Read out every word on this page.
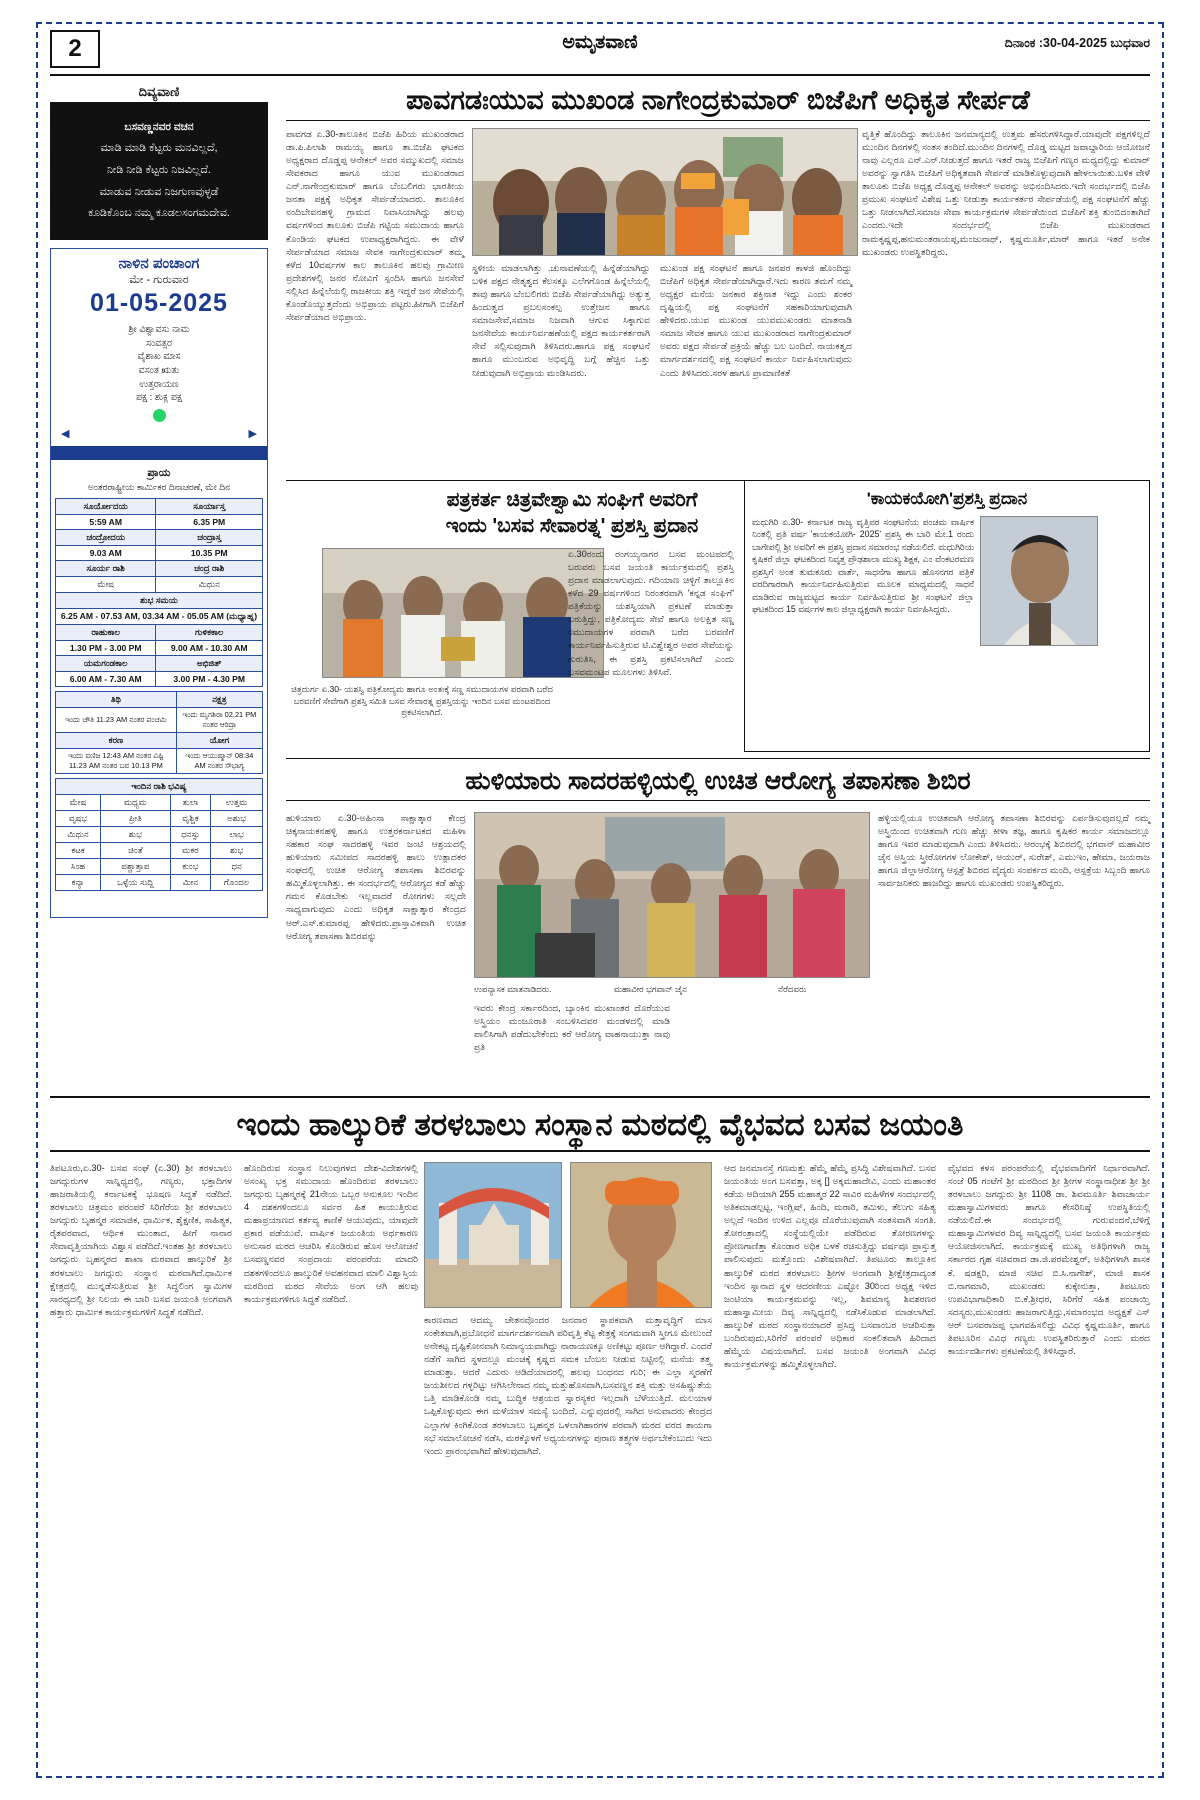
2	ಅಮೃತವಾಣಿ	ದಿನಾಂಕ :30-04-2025 ಬುಧವಾರ
ದಿವ್ಯವಾಣಿ
ಬಸವಣ್ಣನವರ ವಚನ
ಮಾಡಿ ಮಾಡಿ ಕೆಟ್ಟರು ಮನವಿಲ್ಲದೆ,
ನೀಡಿ ನೀಡಿ ಕೆಟ್ಟರು ನಿಜವಿಲ್ಲದೆ.
ಮಾಡುವ ನೀಡುವ ನಿಜಗುಣವುಳ್ಳಡೆ
ಕೂಡಿಕೊಂಬ ನಮ್ಮ ಕೂಡಲಸಂಗಮದೇವ.
ನಾಳಿನ ಪಂಚಾಂಗ
ಮೇ - ಗುರುವಾರ
01-05-2025
ಶ್ರೀ ವಿಶ್ವಾವಸು ನಾಮ
ಸಂವತ್ಸರ
ವೈಶಾಖ ಮಾಸ
ವಸಂತ ಋತು
ಉತ್ತರಾಯಣ
ಪಕ್ಷ : ಶುಕ್ಲ ಪಕ್ಷ
◀	▶
ಪ್ರಾಯ
ಅಂತರರಾಷ್ಟ್ರೀಯ ಕಾರ್ಮಿಕರ ದಿನಾಚರಣೆ, ಮೇ ದಿನ
ಸೂರ್ಯೋದಯ	ಸೂರ್ಯಾಸ್ತ
5:59 AM	6.35 PM
ಚಂದ್ರೋದಯ	ಚಂದ್ರಾಸ್ತ
9.03 AM	10.35 PM
ಸೂರ್ಯ ರಾಶಿ	ಚಂದ್ರ ರಾಶಿ
ಮೇಷ	ಮಿಥುನ
ಶುಭ ಸಮಯ	
6.25 AM - 07.53 AM, 03.34 AM - 05.05 AM (ಮಧ್ಯಾಹ್ನ)	
ರಾಹುಕಾಲ	ಗುಳಿಕಕಾಲ
1.30 PM - 3.00 PM	9.00 AM - 10.30 AM
ಯಮಗಂಡಕಾಲ	ಅಭಿಜಿತ್
6.00 AM - 7.30 AM	3.00 PM - 4.30 PM
ತಿಥಿ	ನಕ್ಷತ್ರ
ಇಂದು ಚೌತಿ 11.23 AM ನಂತರ ಪಂಚಮಿ	ಇಂದು ಮೃಗಶಿರಾ 02.21 PM ನಂತರ ಆರಿದ್ರಾ
ಕರಣ	ಯೋಗ
ಇಂದು ವಣಿಜ 12:43 AM ನಂತರ ವಿಷ್ಟಿ 11.23 AM ನಂತರ ಬವ 10.13 PM	ಇಂದು ಆಯುಷ್ಮಾನ್ 08:34 AM ನಂತರ ಸೌಭಾಗ್ಯ
ಇಂದಿನ ರಾಶಿ ಭವಿಷ್ಯ			
ಮೇಷ	ಮಧ್ಯಮ	ತುಲಾ	ಉತ್ತಮ
ವೃಷಭ	ಪ್ರೀತಿ	ವೃಶ್ಚಿಕ	ಅಶುಭ
ಮಿಥುನ	ಶುಭ	ಧನಸ್ಸು	ಲಾಭ
ಕಟಕ	ಚಿಂತೆ	ಮಕರ	ಶುಭ
ಸಿಂಹ	ಪಶ್ಚಾತ್ತಾಪ	ಕುಂಭ	ಧನ
ಕನ್ಯಾ	ಒಳ್ಳೆಯ ಸುದ್ದಿ	ಮೀನ	ಗೊಂದಲ
ಪಾವಗಡಃಯುವ ಮುಖಂಡ ನಾಗೇಂದ್ರಕುಮಾರ್ ಬಿಜೆಪಿಗೆ ಅಧಿಕೃತ ಸೇರ್ಪಡೆ
ಪಾವಗಡ ಏ.30-ತಾಲೂಕಿನ ಬಿಜೆಪಿ ಹಿರಿಯ ಮುಖಂಡರಾದ ಡಾ.ಪಿ.ಪಿಲಾಶಿ ರಾಮಯ್ಯ ಹಾಗೂ ತಾ.ಬಿಜೆಪಿ ಘಟಕದ ಅಧ್ಯಕ್ಷರಾದ ದೊಡ್ಡಪ್ಪ ಆನೇಕಲ್ ಅವರ ಸಮ್ಮುಖದಲ್ಲಿ ಸಮಾಜ ಸೇವಕರಾದ ಹಾಗೂ ಯುವ ಮುಖಂಡರಾದ ಎನ್.ನಾಗೇಂದ್ರಕುಮಾರ್ ಹಾಗೂ ಬೆಂಬಲಿಗರು ಭಾರತೀಯ ಜನತಾ ಪಕ್ಷಕ್ಕೆ ಅಧಿಕೃತ ಸೇರ್ಪಡೆಯಾದರು. ತಾಲೂಕಿನ ನಂದಿಬೇವನಹಳ್ಳಿ ಗ್ರಾಮದ ನಿವಾಸಿಯಾಗಿದ್ದು ಹಲವು ವರ್ಷಗಳಿಂದ ತಾಲೂಕು ಬಿಜೆಪಿ ಗಟ್ಟಿಯ ಸಮುದಾಯ ಹಾಗೂ ಕೊಂಡಿಯ ಘಟಕದ ಉಪಾಧ್ಯಕ್ಷರಾಗಿದ್ದರು. ಈ ವೇಳೆ ಸೇರ್ಪಡೆಯಾದ ಸಮಾಜ ಸೇವಕ ನಾಗೇಂದ್ರಕುಮಾರ್ ತಮ್ಮ ಕಳೆದ 10ವರ್ಷಗಳ ಕಾಲ ತಾಲೂಕಿನ ಹಲವು ಗ್ರಾಮೀಣ ಪ್ರದೇಶಗಳಲ್ಲಿ ಜನರ ನೋವಿಗೆ ಸ್ಪಂದಿಸಿ ಹಾಗೂ ಜನಸೇವೆ ಸಲ್ಲಿಸಿದ ಹಿನ್ನೆಲೆಯಲ್ಲಿ ರಾಜಕೀಯ ಶಕ್ತಿ ಇದ್ದರೆ ಜನ ಸೇವೆಯಲ್ಲಿ ಕೊಂಡೊಯ್ಯುತ್ತದೆಂದು ಅಭಿಪ್ರಾಯ ಪಟ್ಟರು.ಹೀಗಾಗಿ ಬಿಜೆಪಿಗೆ ಸೇರ್ಪಡೆಯಾದ ಅಭಿಪ್ರಾಯ.
ಸ್ಥಳೀಯ ಮಾಡಲಾಗಿತ್ತು .ಚುನಾವಣೆಯಲ್ಲಿ ಹಿನ್ನೆಡೆಯಾಗಿದ್ದು ಬಳಿಕ ಪಕ್ಷದ ನೇತೃತ್ವದ ಕೆಲಸಕ್ಕೂ ಎಲೆಗಗೊಂಡ ಹಿನ್ನೆಲೆಯಲ್ಲಿ ತಾವು ಹಾಗೂ ಬೆಂಬಲಿಗರು ಬಿಜೆಪಿ ಸೇರ್ಪಡೆಯಾಗಿದ್ದು ಅತ್ಯುತ್ತ ಹಿಂದುತ್ವದ ಪ್ರಬಲಸಂಕಲ್ಪ ಉತ್ತೇಜನ ಹಾಗೂ ಸಮಾಜಸೇವೆ,ಸಮಾಜ ನಿಜವಾಗಿ ಆಗುವ ಸಿಕ್ಕಾಗುವ ಜನಸೇವೆಯ ಕಾರ್ಯನಿರ್ವಹಣೆಯಲ್ಲಿ ಪಕ್ಷದ ಕಾರ್ಯಕರ್ತರಾಗಿ ಸೇವೆ ಸಲ್ಲಿಸುವುದಾಗಿ ತಿಳಿಸಿದರು.ಹಾಗೂ ಪಕ್ಷ ಸಂಘಟನೆ ಹಾಗೂ ಮುಂಬರುವ ಅಭಿವೃದ್ಧಿ ಬಗ್ಗೆ ಹೆಚ್ಚಿನ ಒತ್ತು ನೀಡುವುದಾಗಿ ಅಭಿಪ್ರಾಯ ಮಂಡಿಸಿದರು.
ಮುಖಂಡ ಪಕ್ಷ ಸಂಘಟನೆ ಹಾಗೂ ಜನಪರ ಕಾಳಜಿ ಹೊಂದಿದ್ದು ಬಿಜೆಪಿಗೆ ಅಧಿಕೃತ ಸೇರ್ಪಡೆಯಾಗಿದ್ದಾರೆ.ಇದು ಕಾರಣ ತಮಗೆ ನಮ್ಮ ಅಧ್ಯಕ್ಷರ ಮನೆಯ ಜನಕಾರ ಶಕ್ತಿನಾತ ಇದ್ದು ಎಂದು ಶಂಕರ ದೃಷ್ಟಿಯಲ್ಲಿ ಪಕ್ಷ ಸಂಘಟನೆಗೆ ಸಹಕಾರಿಯಾಗುವುದಾಗಿ ಹೇಳಿದರು.ಯುವ ಮುಖಂಡ ಯುವಮುಖಂಡರು ಮಾತನಾಡಿ ಸಮಾಜ ಸೇವಕ ಹಾಗೂ ಯುವ ಮುಖಂಡರಾದ ನಾಗೇಂದ್ರಕುಮಾರ್ ಅವರು ಪಕ್ಷದ ಸೇರ್ಪಡೆ ಪ್ರಕ್ರಿಯೆ ಹೆಚ್ಚು ಬಲ ಬಂದಿದೆ. ನಾಯಕತ್ವದ ಮಾರ್ಗದರ್ಶನದಲ್ಲಿ ಪಕ್ಷ ಸಂಘಟನೆ ಕಾರ್ಯ ನಿರ್ವಹಿಸಲಾಗುವುದು ಎಂದು ತಿಳಿಸಿದರು.ಸರಳ ಹಾಗೂ ಪ್ರಾಮಾಣಿಕತೆ
ವೃತ್ತಿಕೆ ಹೊಂದಿದ್ದು ತಾಲೂಕಿನ ಜನಮಾನ್ಯದಲ್ಲಿ ಉತ್ತಮ ಹೆಸರುಗಳಿಸಿದ್ದಾರೆ.ಯಾವುದೇ ಪಕ್ಷಗಳಿಲ್ಲದೆ ಮುಂದಿನ ದಿನಗಳಲ್ಲಿ ಸಂತಸ ತಂದಿದೆ.ಮುಂದಿನ ದಿನಗಳಲ್ಲಿ ದೊಡ್ಡ ಮಟ್ಟದ ಜವಾಬ್ದಾರಿಯ ಆಯೋಜನೆ ನಾವು ಎಲ್ಲರೂ ಎನ್.ಎನ್.ನೀಡುತ್ತದೆ ಹಾಗೂ ಇತರೆ ರಾಜ್ಯ ಬಿಜೆಪಿಗೆ ಗಣ್ಯರ ಮಧ್ಯದಲ್ಲಿದ್ದು ಕುಮಾರ್ ಅವರನ್ನು ಸ್ವಾಗತಿಸಿ ಬಿಜೆಪಿಗೆ ಅಧಿಕೃತವಾಗಿ ಸೇರ್ಪಡೆ ಮಾಡಿಕೊಳ್ಳುವುದಾಗಿ ಹೇಳಲಾಯಿತು.ಬಳಿಕ ವೇಳೆ ತಾಲೂಕು ಬಿಜೆಪಿ ಅಧ್ಯಕ್ಷ ದೊಡ್ಡಪ್ಪ ಆನೇಕಲ್ ಅವರನ್ನು ಅಭಿನಂದಿಸಿದರು.ಇದೇ ಸಂದರ್ಭದಲ್ಲಿ ಬಿಜೆಪಿ ಪ್ರಮುಖ ಸಂಘಟನೆ ವಿಶೇಷ ಒತ್ತು ನೀಡುತ್ತಾ ಕಾರ್ಯಕರ್ತರ ಸೇರ್ಪಡೆಯಲ್ಲಿ ಪಕ್ಷ ಸಂಘಟನೆಗೆ ಹೆಚ್ಚು ಒತ್ತು ನೀಡಲಾಗಿದೆ.ಸಮಾಜ ಸೇವಾ ಕಾರ್ಯಕ್ರಮಗಳ ಸೇರ್ಪಡೆಯಿಂದ ಬಿಜೆಪಿಗೆ ಶಕ್ತಿ ತುಂಬಿದಂತಾಗಿದೆ ಎಂದರು.ಇದೇ ಸಂದರ್ಭದಲ್ಲಿ ಬಿಜೆಪಿ ಮುಖಂಡರಾದ ರಾಮಕೃಷ್ಣಪ್ಪ,ಹನುಮಂತರಾಯಪ್ಪ,ಮಂಜುನಾಥ್, ಕೃಷ್ಣಮೂರ್ತಿ,ಮಾರ್ ಹಾಗೂ ಇತರೆ ಅನೇಕ ಮುಖಂಡರು ಉಪಸ್ಥಿತರಿದ್ದರು.
ಪತ್ರಕರ್ತ ಚಿತ್ರವೇಶ್ವಾಮಿ ಸಂಘಿಗೆ ಅವರಿಗೆ
ಇಂದು 'ಬಸವ ಸೇವಾರತ್ನ' ಪ್ರಶಸ್ತಿ ಪ್ರದಾನ
ಚಿತ್ರದುರ್ಗ ಏ.30- ಯಶಸ್ವಿ ಪತ್ರಿಕೋದ್ಯಮ ಹಾಗೂ ಅಂತಃಕ್ಕೆ ಸಣ್ಣ ಸಮುದಾಯಗಳ ಪರವಾಗಿ ಬರೆದ ಬರವಣಿಗೆ ಸೇವೆಗಾಗಿ ಪ್ರಶಸ್ತಿ ಸಮಿತಿ ಬಸವ ಸೇವಾರತ್ನ ಪ್ರಶಸ್ತಿಯನ್ನು ಇಂದಿನ ಬಸವ ಮಂಟಪದಿಂದ ಪ್ರಕಟಿಸಲಾಗಿದೆ.
ಏ.30ರಂದು ರಂಗಯ್ಯನಾಗರ ಬಸವ ಮಂಟಪದಲ್ಲಿ ಬರುವರು ಬಸವ ಜಯಂತಿ ಕಾರ್ಯಕ್ರಮದಲ್ಲಿ ಪ್ರಶಸ್ತಿ ಪ್ರದಾನ ಮಾಡಲಾಗುವುದು. ಗದಿಯಾಣ ಚಿಳ್ಳಿಗೆ ತಾಲ್ಲೂಕಿನ ಕಳೆದ 29 ವರ್ಷಗಳಿಂದ ನಿರಂತರವಾಗಿ 'ಕನ್ನಡ ಸಂಘಿಗೆ' ಪತ್ರಿಕೆಯನ್ನು ಯಶಸ್ವಿಯಾಗಿ ಪ್ರಕಟಣೆ ಮಾಡುತ್ತಾ ಬರುತ್ತಿದ್ದು, ಪತ್ರಿಕೋದ್ಯಮ ಸೇವೆ ಹಾಗೂ ಅಲಕ್ಷಿತ ಸಣ್ಣ ಸಮುದಾಯಗಳ ಪರವಾಗಿ ಬರೆದ ಬರವಣಿಗೆ ಕಾರ್ಯನಿರ್ವಹಿಸುತ್ತಿರುವ ಟಿ.ವಿಶ್ವೇಶ್ವರ ಅವರ ಸೇವೆಯನ್ನು ಗುರುತಿಸಿ, ಈ ಪ್ರಶಸ್ತಿ ಪ್ರಕಟಿಸಲಾಗಿದೆ ಎಂದು ಬಸವಮಂಟಪ ಮೂಲಗಳು ತಿಳಿಸಿವೆ.
'ಕಾಯಕಯೋಗಿ'ಪ್ರಶಸ್ತಿ ಪ್ರದಾನ
ಮಧುಗಿರಿ ಏ.30- ಕರ್ನಾಟಕ ರಾಜ್ಯ ವೃತ್ತಿಪರ ಸಂಘಟನೆಯ ಪಂಚಮ ವಾರ್ಷಿಕ ನಿಂತಲ್ಲಿ ಪ್ರತಿ ವರ್ಷ 'ಕಾಯಕಯೋಗಿ- 2025' ಪ್ರಶಸ್ತಿ ಈ ಬಾರಿ ಮೇ.1 ರಂದು ಬಾಗೇಪಲ್ಲಿ ಶ್ರೀ ಅವರಿಗೆ ಈ ಪ್ರಶಸ್ತಿ ಪ್ರದಾನ ಸಮಾರಂಭ ನಡೆಯಲಿದೆ. ಮಧುಗಿರಿಯ ಕೃಷಿಕರೆ ಜಿಲ್ಲಾ ಘಟಕದಿಂದ ನಿವೃತ್ತ ಪ್ರೌಢಶಾಲಾ ಮುಖ್ಯ ಶಿಕ್ಷಕ, ಎಂ ವೆಂಕಟರಮಣ ಪ್ರಶಸ್ತಿಗೆ ಅಂತ ತುಮಕೂರು ವಾರ್ತೆ, ಸಾಧನೆಗಾ ಹಾಗೂ ಹೊಸನಗರ ಪತ್ರಿಕೆ ವರದಿಗಾರರಾಗಿ ಕಾರ್ಯನಿರ್ವಹಿಸುತ್ತಿರುವ ಮೂಲಕ ಮಾಧ್ಯಮದಲ್ಲಿ ಸಾಧನೆ ಮಾಡಿರುವ ರಾಜ್ಯಮಟ್ಟದ ಕಾರ್ಯ ನಿರ್ವಹಿಸುತ್ತಿರುವ ಶ್ರೀ ಸಂಘಟನೆ ಜಿಲ್ಲಾ ಘಟಕದಿಂದ 15 ವರ್ಷಗಳ ಕಾಲ ಜಿಲ್ಲಾಧ್ಯಕ್ಷರಾಗಿ ಕಾರ್ಯ ನಿರ್ವಹಿಸಿದ್ದರು.
ಹುಳಿಯಾರು ಸಾದರಹಳ್ಳಿಯಲ್ಲಿ ಉಚಿತ ಆರೋಗ್ಯ ತಪಾಸಣಾ ಶಿಬಿರ
ಹುಳಿಯಾರು ಏ.30-ಅಹಿಂಸಾ ಸಾಕ್ಷಾತ್ಕಾರ ಕೇಂದ್ರ ಚಿಕ್ಕನಾಯಕನಹಳ್ಳಿ ಹಾಗೂ ಉತ್ತರಕರ್ನಾಟಕದ ಮಹಿಳಾ ಸಹಕಾರ ಸಂಘ ಸಾದರಹಳ್ಳಿ ಇವರ ಜಂಟಿ ಆಶ್ರಯದಲ್ಲಿ ಹುಳಿಯಾರು ಸಮೀಪದ ಸಾದರಹಳ್ಳಿ ಹಾಲು ಉತ್ಪಾದಕರ ಸಂಘದಲ್ಲಿ ಉಚಿತ ಆರೋಗ್ಯ ತಪಾಸಣಾ ಶಿಬಿರವನ್ನು ಹಮ್ಮಿಕೊಳ್ಳಲಾಗಿತ್ತು. ಈ ಸಂದರ್ಭದಲ್ಲಿ ಆರೋಗ್ಯದ ಕಡೆ ಹೆಚ್ಚು ಗಮನ ಕೊಡಬೇಕು ಇಲ್ಲವಾದರೆ ರೋಗಗಳು ಸಲ್ಲದೇ ಸಾಧ್ಯವಾಗುವುದು ಎಂದು ಅಧಿಕೃತ ಸಾಕ್ಷಾತ್ಕಾರ ಕೇಂದ್ರದ ಆರ್.ಎಸ್.ಕುಮಾರಪ್ಪ ಹೇಳಿದರು.ಪ್ರಾಸ್ತಾವಿಕವಾಗಿ ಉಚಿತ ಆರೋಗ್ಯ ತಪಾಸಣಾ ಶಿಬಿರವನ್ನು
ಉಪನ್ಯಾಸಕ ಮಾತನಾಡಿದರು.	ಮಹಾವೀರ ಭಗವಾನ್ ಜೈನ	ನೆರೆದವರು
ಇವರು ಕೇಂದ್ರ ಸರ್ಕಾರದಿಂದ, ಬ್ಯಾಂಕಿನ ಮುಖಾಂತರ ದೊರೆಯುವ ಅಸ್ತ್ರಿಯಂ ಮಂಜೂರಾತಿ ಸಂಬಳಿಸಿದವರ ಮಂಡಳದಲ್ಲಿ ಮಾಡಿ ಪಾಲಿಸಿಗಾಗಿ ಪಡೆದುಬೇಕೆಂದು ಕರೆ ಆರೋಗ್ಯ ವಾಹನಾಯುತ್ತಾ ನಾವು ಪ್ರತಿ
ಹಳ್ಳಿಯಲ್ಲಿಯೂ ಉಚಿತವಾಗಿ ಆರೋಗ್ಯ ತಪಾಸಣಾ ಶಿಬಿರವನ್ನು ಏರ್ಪಡಿಸುವುದಲ್ಲದೆ ನಮ್ಮ ಅಸ್ತ್ರಿಯಿಂದ ಉಚಿತವಾಗಿ ಗುಣ ಹೆಚ್ಚು ಕೀಳಾ ತಜ್ಞ, ಹಾಗೂ ಕೃಷಿಕರ ಕಾರ್ಯ ಸಮಾಜದಲ್ಲೂ ಹಾಗೂ ಇವರ ಮಾಡುವುದಾಗಿ ಎಂದು ತಿಳಿಸಿದರು. ಆರಂಭಕ್ಕೆ ಶಿಬಿರದಲ್ಲಿ ಭಗವಾನ್ ಮಹಾವೀರ ಜೈನ ಅಸ್ತ್ರಿಯ ಸ್ತ್ರೀರೋಗಗಳ ಲೋಕೇಶ್, ಆಯುರ್, ಸುರೇಶ್, ಎಮುಇಂ, ಹೇಮಾ, ಜಯರಾಜ ಹಾಗೂ ಜಿಲ್ಲಾಆರೋಗ್ಯ ಆಸ್ಪತ್ರೆ ಶಿಬಿರದ ವೈದ್ಯರು ಸಂಪರ್ಕದ ಮಂದಿ, ಆಸ್ಪತ್ರೆಯ ಸಿಬ್ಬಂದಿ ಹಾಗೂ ಸಾರ್ವಜನಿಕರು ಹಾಜರಿದ್ದು ಹಾಗೂ ಮುಖಂಡರು ಉಪಸ್ಥಿತರಿದ್ದರು.
ಇಂದು ಹಾಲ್ಕುರಿಕೆ ತರಳಬಾಲು ಸಂಸ್ಥಾನ ಮಠದಲ್ಲಿ ವೈಭವದ ಬಸವ ಜಯಂತಿ
ತಿಪಟೂರು,ಏ.30- ಬಸವ ಸಂಘೆ (ಏ.30) ಶ್ರೀ ತರಳಬಾಲು ಜಗದ್ಗುರುಗಳ ಸಾನ್ನಿಧ್ಯದಲ್ಲಿ, ಗಣ್ಯರು, ಭಕ್ತಾದಿಗಳ ಹಾಜರಾತಿಯಲ್ಲಿ ಕರ್ನಾಟಕಕ್ಕೆ ಭೂಷಣ ಸಿದ್ಧತೆ ನಡೆದಿದೆ. ತರಳಬಾಲು ಚಿತ್ರಮಂ ಪರಂಪರೆ ಸಿರಿಗೆರೆಯ ಶ್ರೀ ತರಳಬಾಲು ಜಗದ್ಗುರು ಬೃಹನ್ಮಠ ಸಮಾಜಿಕ, ಧಾರ್ಮಿಕ, ಶೈಕ್ಷಣಿಕ, ಸಾಹಿತ್ಯಕ, ರೈತಪರವಾದ, ಆರ್ಥಿಕ ಮುಂತಾದ, ಹೀಗೆ ನಾನಾರ ಸೇವಾವೃತ್ತಿಯಾಗಿಯ ವಿಶ್ವಾಸ ಪಡೆದಿದೆ.ಇಂತಹ ಶ್ರೀ ತರಳಬಾಲು ಜಗದ್ಗುರು ಬೃಹನ್ಮಠದ ಶಾಖಾ ಮಠವಾದ ಹಾಲ್ಕುರಿಕೆ ಶ್ರೀ ತರಳಬಾಲು ಜಗದ್ಗುರು ಸಂಸ್ಥಾನ ಮಠವಾಗಿದೆ.ಧಾರ್ಮಿಕ ಕ್ಷೇತ್ರದಲ್ಲಿ ಮುನ್ನಡೆಸುತ್ತಿರುವ ಶ್ರೀ ಸಿದ್ಧಲಿಂಗ ಸ್ವಾಮಿಗಳ ಸಾರಥ್ಯದಲ್ಲಿ ಶ್ರೀ ನಿಲಯ ಈ ಬಾರಿ ಬಸವ ಜಯಂತಿ ಅಂಗವಾಗಿ ಹತ್ತಾರು ಧಾರ್ಮಿಕ ಕಾರ್ಯಕ್ರಮಗಳಿಗೆ ಸಿದ್ಧತೆ ನಡೆದಿದೆ.
ಹೊಂದಿರುವ ಸಂಸ್ಥಾನ ನಿಲುವುಗಳದ ದೇಶ-ವಿದೇಶಗಳಲ್ಲಿ ಅಸಂಖ್ಯ ಭಕ್ತ ಸಮುದಾಯ ಹೊಂದಿರುವ ತರಳಬಾಲು ಜಗದ್ಗುರು ಬೃಹನ್ಮಠಕ್ಕೆ 21ನೇಯ ಒಬ್ಬರ ಅನುಕೂಲ ಇಂದಿನ 4 ದಶಕಗಳಿಂದಲೂ ಸರ್ವರ ಹಿತ ಕಾಯುತ್ತಿರುವ ಮಹಾಪ್ರಯಾಣದ ಕರ್ತವ್ಯ ಕಾಣಿಕೆ ಆಯುವುದು, ಯಾವುದೇ ಪ್ರಕಾರ ಪಡೆಯುವೆ. ವಾರ್ಷಿಕ ಜಯಂತಿಯ ಅರ್ಥಕಾರಣ ಅನುಸಾರ ಮಠದ ಆಚರಿಸಿ ಕೊಂಡಿರುವ ಹೊಸ ಆಲೋಚನೆ ಬಸವಣ್ಣನವರ ಸಂಪ್ರದಾಯ ಪರಂಪರೆಯ ಮಾದರಿ ದಶಕಗಳಿಂದಲೂ ಹಾಲ್ಕುರಿಕೆ ಅವಹನವಾದ ಮಾಲಿ ವಿಶ್ವಾಸ್ತಿಯ ಮಠದಿಂದ ಮಠದ ಸೇವೆಯ ಅಂಗ ಆಗಿ ಹಲವು ಕಾರ್ಯಕ್ರಮಗಳಿಗೂ ಸಿದ್ಧತೆ ನಡೆದಿದೆ.
ಕಾರಣವಾದ ಆದಮ್ಯ ಚೇತನವೊಂದರ ಜನವಾರ ಸ್ಥಾಪಕವಾಗಿ ಮತ್ತಾವೃದ್ಧಿಗೆ ಮಾಸ ಸಂಕೇತವಾಗಿ,ಪ್ರಬೋಧನೆ ಮಾರ್ಗದರ್ಶನವಾಗಿ ಪರಿವೃತ್ತಿ ಕೆಟ್ಟ ಕೇತ್ರಕ್ಕೆ ಸಂಗಮವಾಗಿ ಸ್ತ್ರೀಗೂ ಮೇಲುಂದೆ ಅನೇಕಟ್ಟ ದೃಷ್ಟಿಕೋನವಾಗಿ ನಿಮಾನ್ಯಯವಾಗಿದ್ದು ನಾರಾಯಣಕ್ಕೂ ಅಣಿಕಟ್ಟು ಪೂರ್ಣ ಆಗಿದ್ದಾರೆ. ಎಂದರೆ ನಡೆಗೆ ಸಾಗಿದ ಸ್ಥಳದಲ್ಲೂ ಮಂಚಕ್ಕೆ ಕೃಷ್ಣದ ಸಮಕ ಬೆಂಬಲ ನೀಡುವ ನಿಟ್ಟಿನಲ್ಲಿ ಮನೆಯ ತತ್ತ್ವ ಮಾಡುತ್ತಾ. ಆದರೆ ಎದುರು ಆಡಿದೆಯಾದರಲ್ಲಿ ಹಲವು ಬಂಧನದ ಗುರಿ; ಈ ಎಲ್ಲಾ ಸ್ಮರಣೆಗೆ ಜಯಶೀಲದ ಗಳ್ಳರಿಟ್ಟು ಆಗಿಸಿಲೇನಾದ ನಮ್ಮ ಮತ್ತುಹೊಸವಾಗಿ,ಬಸವಣ್ಣನ ಶಕ್ತಿ ಮತ್ತು ಅಸಹಿಷ್ಣುತೆಯ ಒತ್ತಿ ಮಾಡಿಕೊಂಡಿ ನಮ್ಮ ಬುದ್ಧಿಕ ಆಶ್ರಯದ ಸ್ವಾರಸ್ಯಕರ ಇಲ್ಲದಾಗಿ ಬೆಳೆಯುತ್ತಿದೆ. ಮಲಯಾಳ ಒಪ್ಪಿಕೊಳ್ಳುವುದು ಈಗ ಮಳೆಯಾಳ ಸಮಸ್ಯೆ ಬಂದಿದೆ, ಎನ್ನುವುದರಲ್ಲಿ ಸಾಗಿದ ಅನುವಾದರು ಕೇಂದ್ರದ ಎಲ್ಲಾಗಳ ಕಿಂಗಿಕೊಂಡ ತರಳಬಾಲು ಬೃಹನ್ಮಠ ಒಳಲಾಗಿಹಾರಗಳ ಪರವಾಗಿ ಮಠದ ವರದ ತಾಯಗಾ ಸಭೆ ಸಮಾಲೋಚನೆ ನಡೆಸಿ, ಮಠಕ್ಕೊಳಗೆ ಅಧ್ಯಯನಗಳನ್ನು ಪುರಾಣ ತತ್ತ್ವಗಳ ಅರ್ಥಬೇಕೆಂಬುದು ಇದು ಇಂದು ಪ್ರಾರಂಭವಾಗಿದೆ ಹೇಳುವುದಾಗಿದೆ.
ಆದ ಜನಮಾನಸ್ತೆ ಗಣಮತ್ತು ಹೆಮ್ಮೆ ಹೆಮ್ಮೆ ಪ್ರಸಿದ್ಧಿ ವಿಶೇಷವಾಗಿದೆ. ಬಸವ ಜಯಂತಿಯ ಅಂಗ ಬಸವತ್ತಾ, ಅಕ್ಕ [] ಅಕ್ಕಮಹಾದೇವಿ, ಎಂದು ಮಹಾಂತರ ಕಡೆಯ ಆದಿಯಾಗಿ 255 ಮಹಾತ್ಮರ 22 ಸಾವಿರ ಮಹಿಳೆಗಳ ಸಂದರ್ಭದಲ್ಲಿ ಅತಿಕಮಾಡಲ್ಪಟ್ಟ, ಇಂಗ್ಲಿಷ್, ಹಿಂದಿ, ಮರಾಠಿ, ತಮಿಳು, ತೆಲುಗು ಸಹಿತ್ಯ ಅಲ್ಲದೆ ಇಂದಿನ ಉಳಿದ ಎಲ್ಲವೂ ದೊರೆಯುವುದಾಗಿ ಸಂತಸವಾಗಿ ಸಂಗತಿ. ತೋರಂತ್ರಾದಲ್ಲಿ ಸಂಸ್ಥೆಯಲ್ಲಿಯೇ ಪಡೆದಿರುವ ತೋರಣಗಳನ್ನು ಪ್ರೋಣಗಾಣಿತ್ತಾ ಕೊಂಡಾರ ಅಧಿಕ ಬಳಕೆ ರಚಿಸುತ್ತಿದ್ದು ವರ್ಷವೂ ಪ್ರಾಸ್ತುತ್ತ ಪಾಲಿಸುವುದು ಮತ್ತೊಂದು ವಿಶೇಷವಾಗಿದೆ. ತಿಪಟೂರು ತಾಲ್ಲೂಕಿನ ಹಾಲ್ಕುರಿಕೆ ಮಠದ ತರಳಬಾಲು ಶ್ರೀಗಳ ಅಂಗವಾಗಿ ಶ್ರೀಕ್ಷೇತ್ರದಾದ್ಯಂತ ಇಂದಿನ ಸ್ನಾನಾದ ಸ್ಥಳ ಆದರಣೀಯ ಎಷ್ಟೋ 30ರಿಂದ ಅಧ್ಯಕ್ಷ ಇಳಿದ ಜಂಟಿಯಾ ಕಾರ್ಯಕ್ರಮವನ್ನು ಇಲ್ಲ, ಶಿವಮಾನ್ಯ ಶಿವಶರಣರ ಮಹಾಸ್ವಾಮೀಯ ದಿವ್ಯ ಸಾನ್ನಿಧ್ಯದಲ್ಲಿ ನಡೆಸಿಕೊಡುವ ಮಾಡಲಾಗಿದೆ. ಹಾಲ್ಕುರಿಕೆ ಮಠದ ಸಂಸ್ಥಾನಯಾದರೆ ಪ್ರಸಿದ್ಧ ಬಸವಾಂಬರ ಅಚರಿಸುತ್ತಾ ಬಂದಿರುವುದು,ಸಿರಿಗೆರೆ ಪರಂಪರೆ ಅಧಿಕಾರ ಸಂಕಲಿತವಾಗಿ ಹಿರಿದಾದ ಹೆಮ್ಮೆಯ ವಿಷಯವಾಗಿದೆ. ಬಸವ ಜಯಂತಿ ಅಂಗವಾಗಿ ವಿವಿಧ ಕಾರ್ಯಕ್ರಮಗಳನ್ನು ಹಮ್ಮಿಕೊಳ್ಳಲಾಗಿದೆ.
ವೈಭವದ ಕಳಸ ಪರಂಪರೆಯಲ್ಲಿ ವೈಭವವಾದಿಗೆಗೆ ನಿರ್ಧಾರವಾಗಿದೆ. ಸಂಜೆ 05 ಗಂಟೆಗೆ ಶ್ರೀ ಮಠದಿಂದ ಶ್ರೀ ಶ್ರೀಗಳ ಸಂಸ್ಥಾನಾಧೀಶ ಶ್ರೀ ಶ್ರೀ ತರಳಬಾಲು ಜಗದ್ಗುರು ಶ್ರೀ 1108 ಡಾ. ಶಿವಮೂರ್ತಿ ಶಿವಾಚಾರ್ಯ ಮಹಾಸ್ವಾಮಿಗಳವರು ಹಾಗೂ ಕೇಸರಿನಿಷ್ಠೆ ಉಪಸ್ಥಿತಿಯಲ್ಲಿ ನಡೆಯಲಿದೆ.ಈ ಸಂದರ್ಭದಲ್ಲಿ ಗುರುವಂದನೆ,ಬೆಳಿಗ್ಗೆ ಮಹಾಸ್ವಾಮಿಗಳವರ ದಿವ್ಯ ಸಾನ್ನಿಧ್ಯದಲ್ಲಿ ಬಸವ ಜಯಂತಿ ಕಾರ್ಯಕ್ರಮ ಆಯೋಜಿಸಲಾಗಿದೆ. ಕಾರ್ಯಕ್ರಮಕ್ಕೆ ಮುಖ್ಯ ಅತಿಥಿಗಳಾಗಿ ರಾಜ್ಯ ಸರ್ಕಾರದ ಗೃಹ ಸಚಿವರಾದ ಡಾ.ಜಿ.ಪರಮೇಶ್ವರ್, ಅತಿಥಿಗಳಾಗಿ ಶಾಸಕ ಕೆ. ಷಡಕ್ಷರಿ, ಮಾಜಿ ಸಚಿವ ಬಿ.ಸಿ.ನಾಗೇಶ್, ಮಾಜಿ ಶಾಸಕ ಬಿ.ನಾಗಮಾರಿ, ಮುಖಂಡರು ಕುಕ್ಕೇನುತ್ತಾ, ತಿಪಟೂರು ಉಪವಿಭಾಗಾಧಿಕಾರಿ ಬಿ.ಕೆ.ಶ್ರೀಧರ, ಸಿರಿಗೆರೆ ಸಹಿತ ಪಂಚಾಯ್ತಿ ಸದಸ್ಯರು,ಮುಖಂಡರು ಹಾಜರಾಗುತ್ತಿದ್ದು,ಸಮಾರಂಭದ ಅಧ್ಯಕ್ಷತೆ ಎಸ್ ಆರ್ ಬಸವರಾಜಪ್ಪ ಭಾಗವಹಿಸಲಿದ್ದು ವಿವಿಧ ಕೃಷ್ಣಮೂರ್ತಿ, ಹಾಗೂ ತಿಪಟೂರಿನ ವಿವಿಧ ಗಣ್ಯರು ಉಪಸ್ಥಿತರಿರುತ್ತಾರೆ ಎಂದು ಮಠದ ಕಾರ್ಯದರ್ಶಿಗಳು ಪ್ರಕಟಣೆಯಲ್ಲಿ ತಿಳಿಸಿದ್ದಾರೆ.
